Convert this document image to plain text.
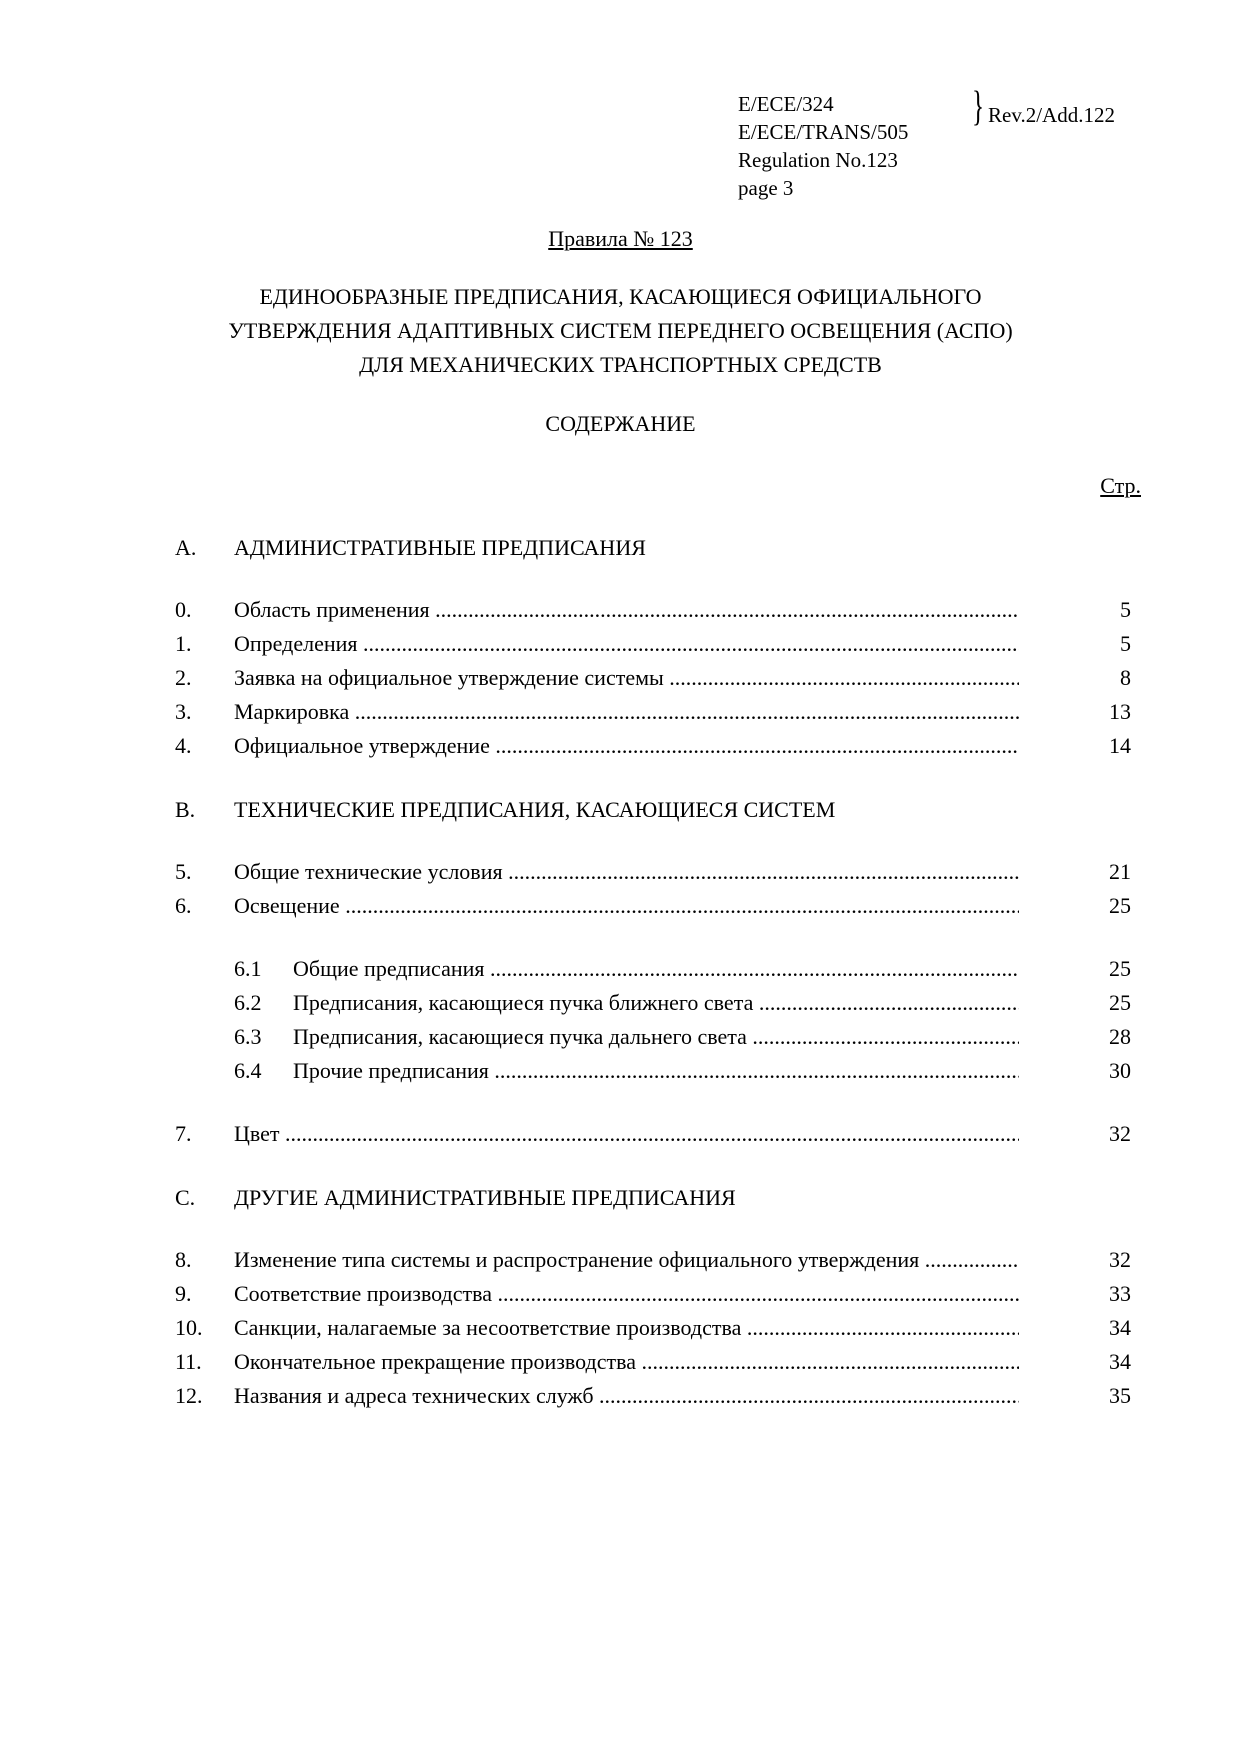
E/ECE/324
E/ECE/TRANS/505
Regulation No.123
page 3
} Rev.2/Add.122
Правила № 123
ЕДИНООБРАЗНЫЕ ПРЕДПИСАНИЯ, КАСАЮЩИЕСЯ ОФИЦИАЛЬНОГО
УТВЕРЖДЕНИЯ АДАПТИВНЫХ СИСТЕМ ПЕРЕДНЕГО ОСВЕЩЕНИЯ (АСПО)
ДЛЯ МЕХАНИЧЕСКИХ ТРАНСПОРТНЫХ СРЕДСТВ
СОДЕРЖАНИЕ
Стр.
A. АДМИНИСТРАТИВНЫЕ ПРЕДПИСАНИЯ
0. Область применения .....	5
1. Определения .....	5
2. Заявка на официальное утверждение системы .....	8
3. Маркировка .....	13
4. Официальное утверждение .....	14
B. ТЕХНИЧЕСКИЕ ПРЕДПИСАНИЯ, КАСАЮЩИЕСЯ СИСТЕМ
5. Общие технические условия .....	21
6. Освещение .....	25
6.1 Общие предписания .....	25
6.2 Предписания, касающиеся пучка ближнего света .....	25
6.3 Предписания, касающиеся пучка дальнего света .....	28
6.4 Прочие предписания .....	30
7. Цвет .....	32
C. ДРУГИЕ АДМИНИСТРАТИВНЫЕ ПРЕДПИСАНИЯ
8. Изменение типа системы и распространение официального утверждения .....	32
9. Соответствие производства .....	33
10. Санкции, налагаемые за несоответствие производства .....	34
11. Окончательное прекращение производства .....	34
12. Названия и адреса технических служб .....	35
